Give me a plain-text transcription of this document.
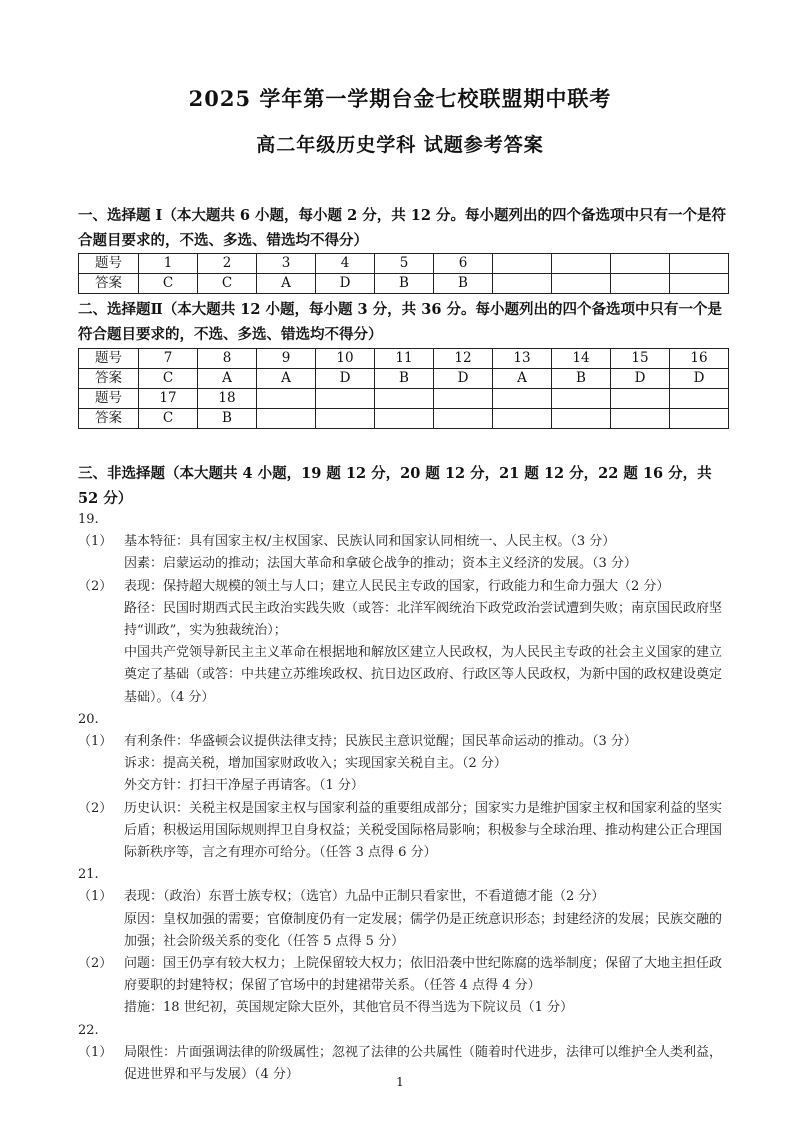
2025 学年第一学期台金七校联盟期中联考
高二年级历史学科 试题参考答案
一、选择题 I（本大题共 6 小题，每小题 2 分，共 12 分。每小题列出的四个备选项中只有一个是符合题目要求的，不选、多选、错选均不得分）
题号	1	2	3	4	5	6				
答案	C	C	A	D	B	B				
二、选择题Ⅱ（本大题共 12 小题，每小题 3 分，共 36 分。每小题列出的四个备选项中只有一个是符合题目要求的，不选、多选、错选均不得分）
题号	7	8	9	10	11	12	13	14	15	16
答案	C	A	A	D	B	D	A	B	D	D
题号	17	18								
答案	C	B								
三、非选择题（本大题共 4 小题，19 题 12 分，20 题 12 分，21 题 12 分，22 题 16 分，共 52 分）
19.
（1） 基本特征：具有国家主权/主权国家、民族认同和国家认同相统一、人民主权。（3 分）
因素：启蒙运动的推动；法国大革命和拿破仑战争的推动；资本主义经济的发展。（3 分）
（2） 表现：保持超大规模的领土与人口；建立人民民主专政的国家，行政能力和生命力强大（2 分）
路径：民国时期西式民主政治实践失败（或答：北洋军阀统治下政党政治尝试遭到失败；南京国民政府坚持“训政”，实为独裁统治）；
中国共产党领导新民主主义革命在根据地和解放区建立人民政权，为人民民主专政的社会主义国家的建立奠定了基础（或答：中共建立苏维埃政权、抗日边区政府、行政区等人民政权，为新中国的政权建设奠定基础）。（4 分）
20.
（1） 有利条件：华盛顿会议提供法律支持；民族民主意识觉醒；国民革命运动的推动。（3 分）
诉求：提高关税，增加国家财政收入；实现国家关税自主。（2 分）
外交方针：打扫干净屋子再请客。（1 分）
（2） 历史认识：关税主权是国家主权与国家利益的重要组成部分；国家实力是维护国家主权和国家利益的坚实后盾；积极运用国际规则捍卫自身权益；关税受国际格局影响；积极参与全球治理、推动构建公正合理国际新秩序等，言之有理亦可给分。（任答 3 点得 6 分）
21.
（1） 表现：（政治）东晋士族专权；（选官）九品中正制只看家世，不看道德才能（2 分）
原因：皇权加强的需要；官僚制度仍有一定发展；儒学仍是正统意识形态；封建经济的发展；民族交融的加强；社会阶级关系的变化（任答 5 点得 5 分）
（2） 问题：国王仍享有较大权力；上院保留较大权力；依旧沿袭中世纪陈腐的选举制度；保留了大地主担任政府要职的封建特权；保留了官场中的封建裙带关系。（任答 4 点得 4 分）
措施：18 世纪初，英国规定除大臣外，其他官员不得当选为下院议员（1 分）
22.
（1） 局限性：片面强调法律的阶级属性；忽视了法律的公共属性（随着时代进步，法律可以维护全人类利益，促进世界和平与发展）（4 分）	1
